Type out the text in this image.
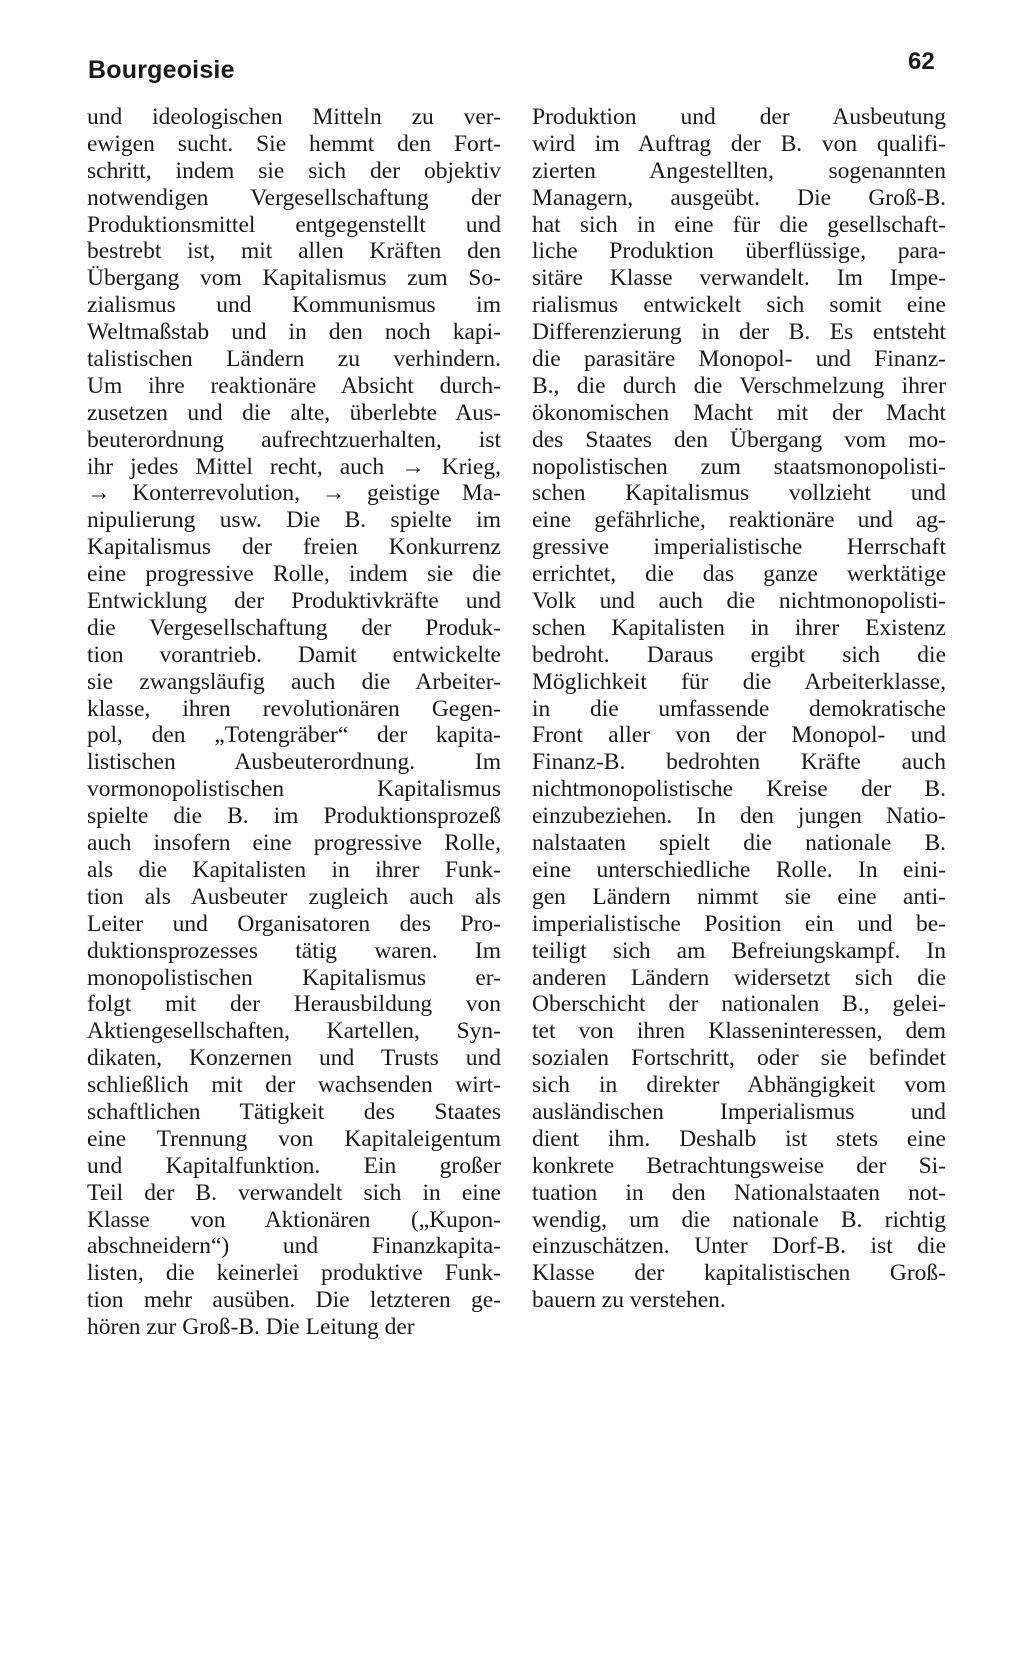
Bourgeoisie	62
und ideologischen Mitteln zu ver-
ewigen sucht. Sie hemmt den Fort-
schritt, indem sie sich der objektiv
notwendigen Vergesellschaftung der
Produktionsmittel entgegenstellt und
bestrebt ist, mit allen Kräften den
Übergang vom Kapitalismus zum So-
zialismus und Kommunismus im
Weltmaßstab und in den noch kapi-
talistischen Ländern zu verhindern.
Um ihre reaktionäre Absicht durch-
zusetzen und die alte, überlebte Aus-
beuterordnung aufrechtzuerhalten, ist
ihr jedes Mittel recht, auch → Krieg,
→ Konterrevolution, → geistige Ma-
nipulierung usw. Die B. spielte im
Kapitalismus der freien Konkurrenz
eine progressive Rolle, indem sie die
Entwicklung der Produktivkräfte und
die Vergesellschaftung der Produk-
tion vorantrieb. Damit entwickelte
sie zwangsläufig auch die Arbeiter-
klasse, ihren revolutionären Gegen-
pol, den „Totengräber“ der kapita-
listischen Ausbeuterordnung. Im
vormonopolistischen Kapitalismus
spielte die B. im Produktionsprozeß
auch insofern eine progressive Rolle,
als die Kapitalisten in ihrer Funk-
tion als Ausbeuter zugleich auch als
Leiter und Organisatoren des Pro-
duktionsprozesses tätig waren. Im
monopolistischen Kapitalismus er-
folgt mit der Herausbildung von
Aktiengesellschaften, Kartellen, Syn-
dikaten, Konzernen und Trusts und
schließlich mit der wachsenden wirt-
schaftlichen Tätigkeit des Staates
eine Trennung von Kapitaleigentum
und Kapitalfunktion. Ein großer
Teil der B. verwandelt sich in eine
Klasse von Aktionären („Kupon-
abschneidern“) und Finanzkapita-
listen, die keinerlei produktive Funk-
tion mehr ausüben. Die letzteren ge-
hören zur Groß-B. Die Leitung der
Produktion und der Ausbeutung
wird im Auftrag der B. von qualifi-
zierten Angestellten, sogenannten
Managern, ausgeübt. Die Groß-B.
hat sich in eine für die gesellschaft-
liche Produktion überflüssige, para-
sitäre Klasse verwandelt. Im Impe-
rialismus entwickelt sich somit eine
Differenzierung in der B. Es entsteht
die parasitäre Monopol- und Finanz-
B., die durch die Verschmelzung ihrer
ökonomischen Macht mit der Macht
des Staates den Übergang vom mo-
nopolistischen zum staatsmonopolisti-
schen Kapitalismus vollzieht und
eine gefährliche, reaktionäre und ag-
gressive imperialistische Herrschaft
errichtet, die das ganze werktätige
Volk und auch die nichtmonopolisti-
schen Kapitalisten in ihrer Existenz
bedroht. Daraus ergibt sich die
Möglichkeit für die Arbeiterklasse,
in die umfassende demokratische
Front aller von der Monopol- und
Finanz-B. bedrohten Kräfte auch
nichtmonopolistische Kreise der B.
einzubeziehen. In den jungen Natio-
nalstaaten spielt die nationale B.
eine unterschiedliche Rolle. In eini-
gen Ländern nimmt sie eine anti-
imperialistische Position ein und be-
teiligt sich am Befreiungskampf. In
anderen Ländern widersetzt sich die
Oberschicht der nationalen B., gelei-
tet von ihren Klasseninteressen, dem
sozialen Fortschritt, oder sie befindet
sich in direkter Abhängigkeit vom
ausländischen Imperialismus und
dient ihm. Deshalb ist stets eine
konkrete Betrachtungsweise der Si-
tuation in den Nationalstaaten not-
wendig, um die nationale B. richtig
einzuschätzen. Unter Dorf-B. ist die
Klasse der kapitalistischen Groß-
bauern zu verstehen.
